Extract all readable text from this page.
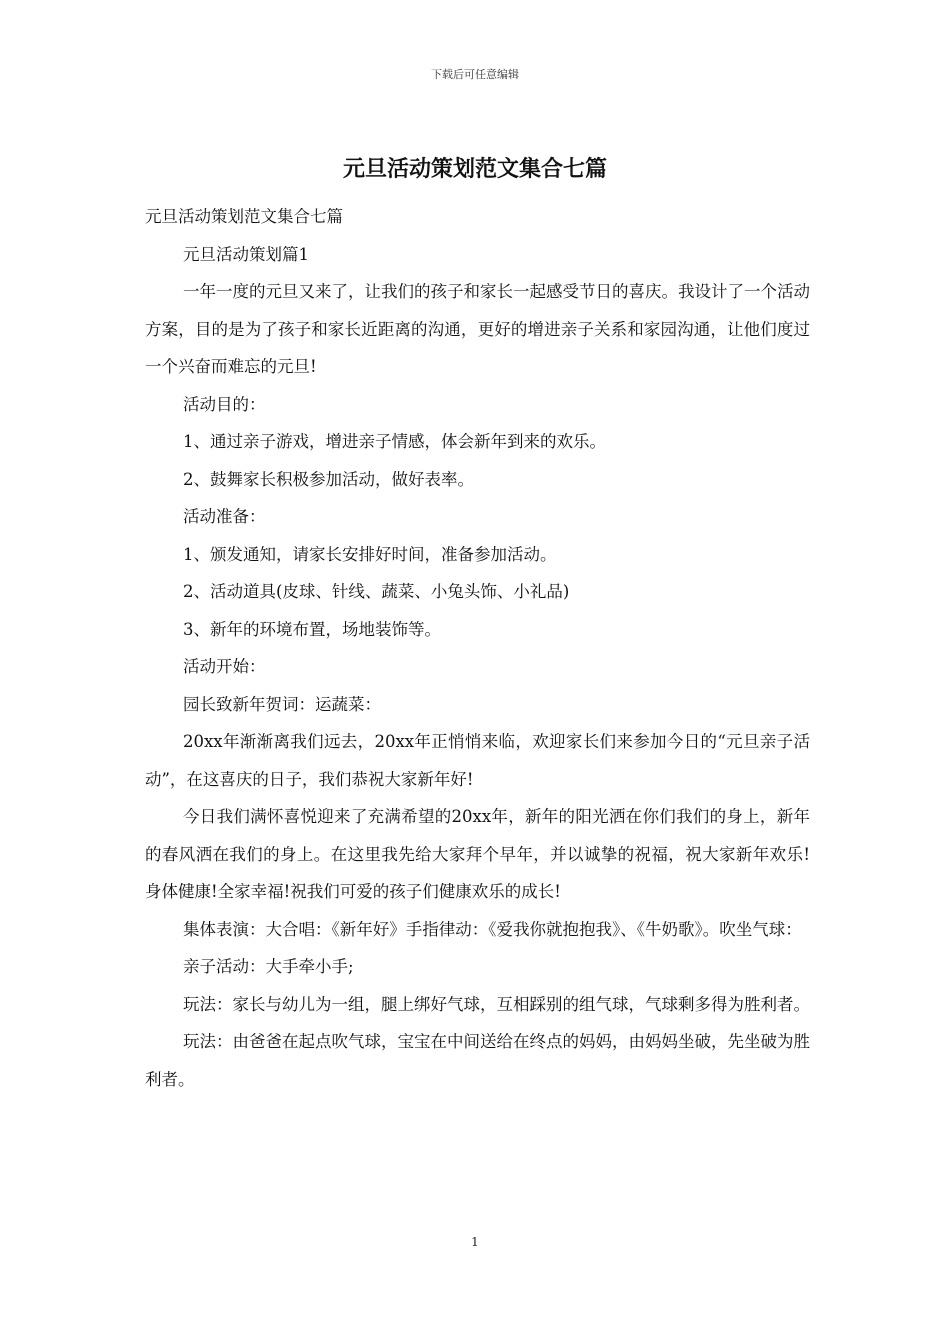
下载后可任意编辑
元旦活动策划范文集合七篇

元旦活动策划范文集合七篇

元旦活动策划篇1

一年一度的元旦又来了，让我们的孩子和家长一起感受节日的喜庆。我设计了一个活动方案，目的是为了孩子和家长近距离的沟通，更好的增进亲子关系和家园沟通，让他们度过一个兴奋而难忘的元旦!

活动目的：

1、通过亲子游戏，增进亲子情感，体会新年到来的欢乐。

2、鼓舞家长积极参加活动，做好表率。

活动准备：

1、颁发通知，请家长安排好时间，准备参加活动。

2、活动道具(皮球、针线、蔬菜、小兔头饰、小礼品)

3、新年的环境布置，场地装饰等。

活动开始：

园长致新年贺词：运蔬菜：

20xx年渐渐离我们远去，20xx年正悄悄来临，欢迎家长们来参加今日的“元旦亲子活动”，在这喜庆的日子，我们恭祝大家新年好!

今日我们满怀喜悦迎来了充满希望的20xx年，新年的阳光洒在你们我们的身上，新年的春风洒在我们的身上。在这里我先给大家拜个早年，并以诚挚的祝福，祝大家新年欢乐!身体健康!全家幸福!祝我们可爱的孩子们健康欢乐的成长!

集体表演：大合唱：《新年好》手指律动：《爱我你就抱抱我》、《牛奶歌》。吹坐气球：

亲子活动：大手牵小手;

玩法：家长与幼儿为一组，腿上绑好气球，互相踩别的组气球，气球剩多得为胜利者。

玩法：由爸爸在起点吹气球，宝宝在中间送给在终点的妈妈，由妈妈坐破，先坐破为胜利者。

1
